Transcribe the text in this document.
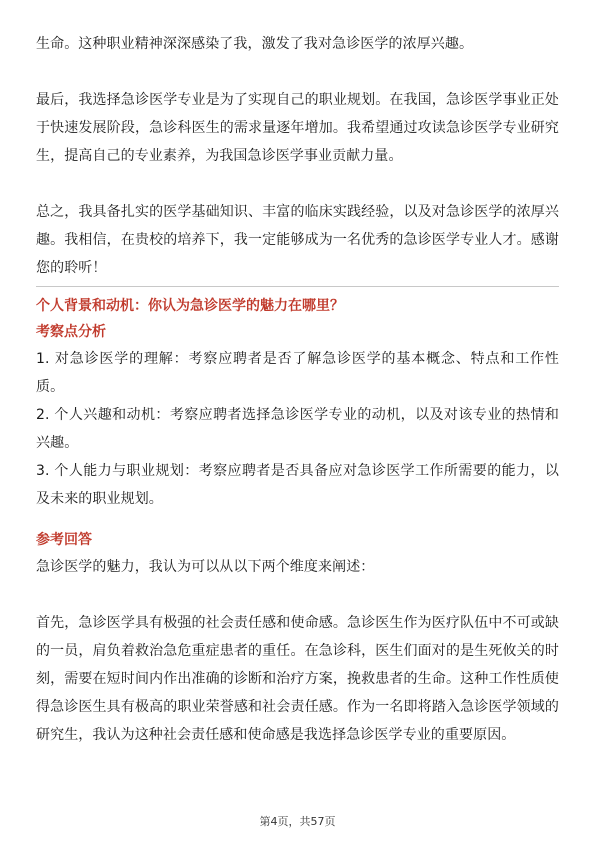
生命。这种职业精神深深感染了我，激发了我对急诊医学的浓厚兴趣。

最后，我选择急诊医学专业是为了实现自己的职业规划。在我国，急诊医学事业正处于快速发展阶段，急诊科医生的需求量逐年增加。我希望通过攻读急诊医学专业研究生，提高自己的专业素养，为我国急诊医学事业贡献力量。

总之，我具备扎实的医学基础知识、丰富的临床实践经验，以及对急诊医学的浓厚兴趣。我相信，在贵校的培养下，我一定能够成为一名优秀的急诊医学专业人才。感谢您的聆听！

个人背景和动机：你认为急诊医学的魅力在哪里？

考察点分析

1. 对急诊医学的理解：考察应聘者是否了解急诊医学的基本概念、特点和工作性质。

2. 个人兴趣和动机：考察应聘者选择急诊医学专业的动机，以及对该专业的热情和兴趣。

3. 个人能力与职业规划：考察应聘者是否具备应对急诊医学工作所需要的能力，以及未来的职业规划。

参考回答

急诊医学的魅力，我认为可以从以下两个维度来阐述：

首先，急诊医学具有极强的社会责任感和使命感。急诊医生作为医疗队伍中不可或缺的一员，肩负着救治急危重症患者的重任。在急诊科，医生们面对的是生死攸关的时刻，需要在短时间内作出准确的诊断和治疗方案，挽救患者的生命。这种工作性质使得急诊医生具有极高的职业荣誉感和社会责任感。作为一名即将踏入急诊医学领域的研究生，我认为这种社会责任感和使命感是我选择急诊医学专业的重要原因。

第4页，共57页
